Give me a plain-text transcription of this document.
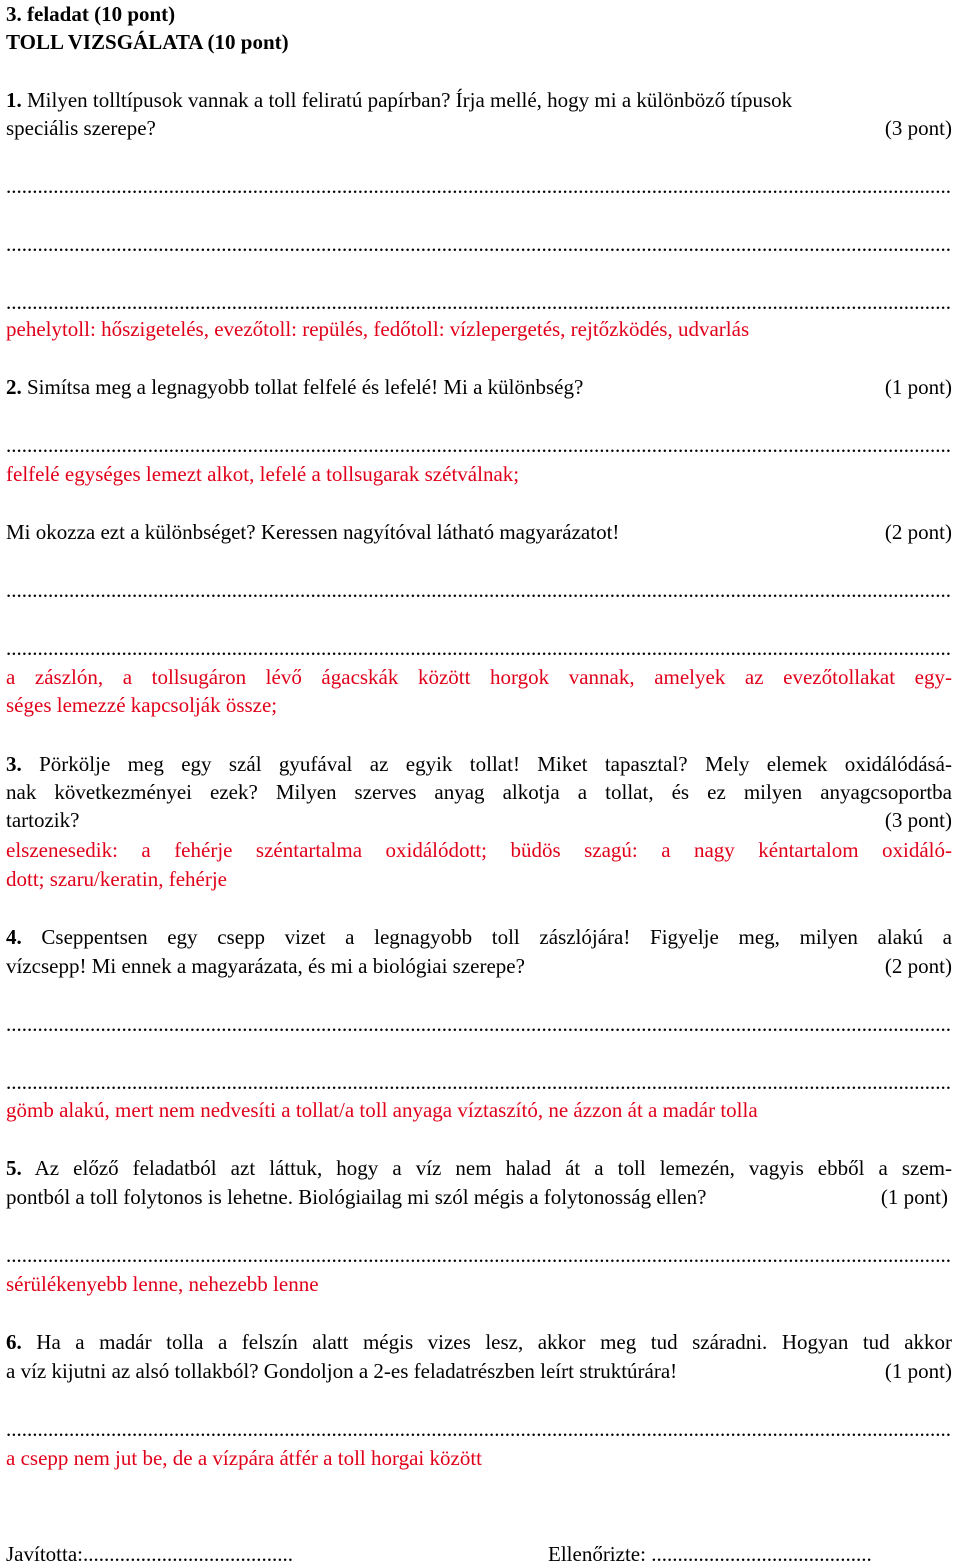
3. feladat (10 pont)
TOLL VIZSGÁLATA (10 pont)
1. Milyen tolltípusok vannak a toll feliratú papírban? Írja mellé, hogy mi a különböző típusok
speciális szerepe?	(3 pont)
.....
.....
.....
pehelytoll: hőszigetelés, evezőtoll: repülés, fedőtoll: vízlepergetés, rejtőzködés, udvarlás
2. Simítsa meg a legnagyobb tollat felfelé és lefelé! Mi a különbség?	(1 pont)
.....
felfelé egységes lemezt alkot, lefelé a tollsugarak szétválnak;
Mi okozza ezt a különbséget? Keressen nagyítóval látható magyarázatot!	(2 pont)
.....
.....
a zászlón, a tollsugáron lévő ágacskák között horgok vannak, amelyek az evezőtollakat egy-
séges lemezzé kapcsolják össze;
3. Pörkölje meg egy szál gyufával az egyik tollat! Miket tapasztal? Mely elemek oxidálódásá-
nak következményei ezek? Milyen szerves anyag alkotja a tollat, és ez milyen anyagcsoportba
tartozik?	(3 pont)
elszenesedik: a fehérje széntartalma oxidálódott; büdös szagú: a nagy kéntartalom oxidáló-
dott; szaru/keratin, fehérje
4. Cseppentsen egy csepp vizet a legnagyobb toll zászlójára! Figyelje meg, milyen alakú a
vízcsepp! Mi ennek a magyarázata, és mi a biológiai szerepe?	(2 pont)
.....
.....
gömb alakú, mert nem nedvesíti a tollat/a toll anyaga víztaszító, ne ázzon át a madár tolla
5. Az előző feladatból azt láttuk, hogy a víz nem halad át a toll lemezén, vagyis ebből a szem-
pontból a toll folytonos is lehetne. Biológiailag mi szól mégis a folytonosság ellen?	(1 pont)
.....
sérülékenyebb lenne, nehezebb lenne
6. Ha a madár tolla a felszín alatt mégis vizes lesz, akkor meg tud száradni. Hogyan tud akkor
a víz kijutni az alsó tollakból? Gondoljon a 2-es feladatrészben leírt struktúrára!	(1 pont)
.....
a csepp nem jut be, de a vízpára átfér a toll horgai között
Javította:........................................	Ellenőrizte: ..........................................
